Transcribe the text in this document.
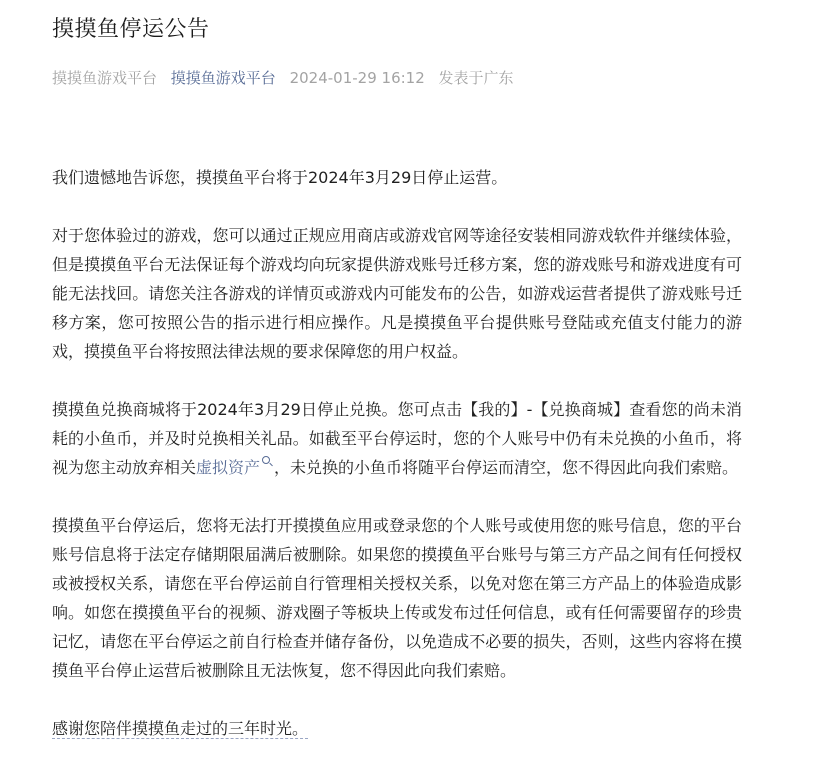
摸摸鱼停运公告
摸摸鱼游戏平台 摸摸鱼游戏平台 2024-01-29 16:12 发表于广东

我们遗憾地告诉您，摸摸鱼平台将于2024年3月29日停止运营。

对于您体验过的游戏，您可以通过正规应用商店或游戏官网等途径安装相同游戏软件并继续体验，但是摸摸鱼平台无法保证每个游戏均向玩家提供游戏账号迁移方案，您的游戏账号和游戏进度有可能无法找回。请您关注各游戏的详情页或游戏内可能发布的公告，如游戏运营者提供了游戏账号迁移方案，您可按照公告的指示进行相应操作。凡是摸摸鱼平台提供账号登陆或充值支付能力的游戏，摸摸鱼平台将按照法律法规的要求保障您的用户权益。

摸摸鱼兑换商城将于2024年3月29日停止兑换。您可点击【我的】-【兑换商城】查看您的尚未消耗的小鱼币，并及时兑换相关礼品。如截至平台停运时，您的个人账号中仍有未兑换的小鱼币，将视为您主动放弃相关虚拟资产 ，未兑换的小鱼币将随平台停运而清空，您不得因此向我们索赔。

摸摸鱼平台停运后，您将无法打开摸摸鱼应用或登录您的个人账号或使用您的账号信息，您的平台账号信息将于法定存储期限届满后被删除。如果您的摸摸鱼平台账号与第三方产品之间有任何授权或被授权关系，请您在平台停运前自行管理相关授权关系，以免对您在第三方产品上的体验造成影响。如您在摸摸鱼平台的视频、游戏圈子等板块上传或发布过任何信息，或有任何需要留存的珍贵记忆，请您在平台停运之前自行检查并储存备份，以免造成不必要的损失，否则，这些内容将在摸摸鱼平台停止运营后被删除且无法恢复，您不得因此向我们索赔。

感谢您陪伴摸摸鱼走过的三年时光。
